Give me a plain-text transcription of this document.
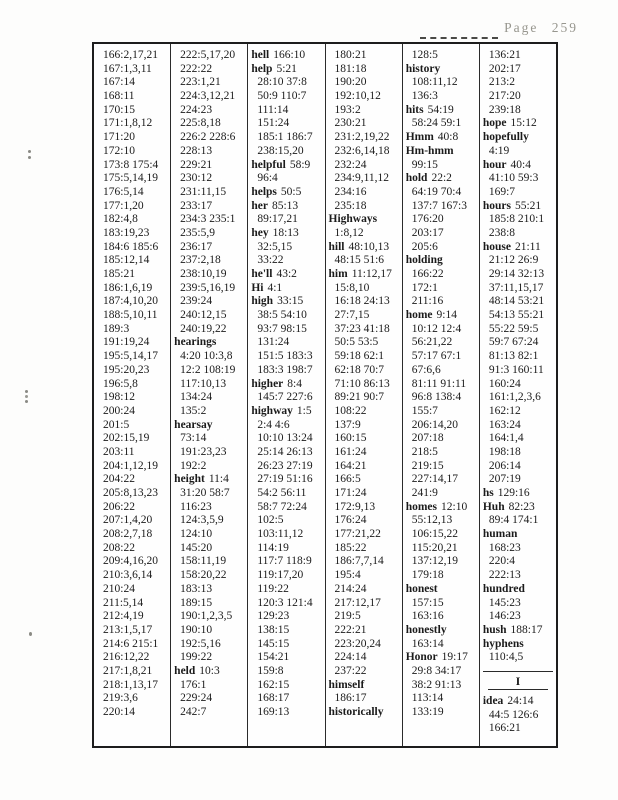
Page 259
166:2,17,21
167:1,3,11
167:14
168:11
170:15
171:1,8,12
171:20
172:10
173:8 175:4
175:5,14,19
176:5,14
177:1,20
182:4,8
183:19,23
184:6 185:6
185:12,14
185:21
186:1,6,19
187:4,10,20
188:5,10,11
189:3
191:19,24
195:5,14,17
195:20,23
196:5,8
198:12
200:24
201:5
202:15,19
203:11
204:1,12,19
204:22
205:8,13,23
206:22
207:1,4,20
208:2,7,18
208:22
209:4,16,20
210:3,6,14
210:24
211:5,14
212:4,19
213:1,5,17
214:6 215:1
216:12,22
217:1,8,21
218:1,13,17
219:3,6
220:14
222:5,17,20
222:22
223:1,21
224:3,12,21
224:23
225:8,18
226:2 228:6
228:13
229:21
230:12
231:11,15
233:17
234:3 235:1
235:5,9
236:17
237:2,18
238:10,19
239:5,16,19
239:24
240:12,15
240:19,22
hearings
4:20 10:3,8
12:2 108:19
117:10,13
134:24
135:2
hearsay
73:14
191:23,23
192:2
height 11:4
31:20 58:7
116:23
124:3,5,9
124:10
145:20
158:11,19
158:20,22
183:13
189:15
190:1,2,3,5
190:10
192:5,16
199:22
held 10:3
176:1
229:24
242:7
hell 166:10
help 5:21
28:10 37:8
50:9 110:7
111:14
151:24
185:1 186:7
238:15,20
helpful 58:9
96:4
helps 50:5
her 85:13
89:17,21
hey 18:13
32:5,15
33:22
he'll 43:2
Hi 4:1
high 33:15
38:5 54:10
93:7 98:15
131:24
151:5 183:3
183:3 198:7
higher 8:4
145:7 227:6
highway 1:5
2:4 4:6
10:10 13:24
25:14 26:13
26:23 27:19
27:19 51:16
54:2 56:11
58:7 72:24
102:5
103:11,12
114:19
117:7 118:9
119:17,20
119:22
120:3 121:4
129:23
138:15
145:15
154:21
159:8
162:15
168:17
169:13
180:21
181:18
190:20
192:10,12
193:2
230:21
231:2,19,22
232:6,14,18
232:24
234:9,11,12
234:16
235:18
Highways
1:8,12
hill 48:10,13
48:15 51:6
him 11:12,17
15:8,10
16:18 24:13
27:7,15
37:23 41:18
50:5 53:5
59:18 62:1
62:18 70:7
71:10 86:13
89:21 90:7
108:22
137:9
160:15
161:24
164:21
166:5
171:24
172:9,13
176:24
177:21,22
185:22
186:7,7,14
195:4
214:24
217:12,17
219:5
222:21
223:20,24
224:14
237:22
himself
186:17
historically
128:5
history
108:11,12
136:3
hits 54:19
58:24 59:1
Hmm 40:8
Hm-hmm
99:15
hold 22:2
64:19 70:4
137:7 167:3
176:20
203:17
205:6
holding
166:22
172:1
211:16
home 9:14
10:12 12:4
56:21,22
57:17 67:1
67:6,6
81:11 91:11
96:8 138:4
155:7
206:14,20
207:18
218:5
219:15
227:14,17
241:9
homes 12:10
55:12,13
106:15,22
115:20,21
137:12,19
179:18
honest
157:15
163:16
honestly
163:14
Honor 19:17
29:8 34:17
38:2 91:13
113:14
133:19
136:21
202:17
213:2
217:20
239:18
hope 15:12
hopefully
4:19
hour 40:4
41:10 59:3
169:7
hours 55:21
185:8 210:1
238:8
house 21:11
21:12 26:9
29:14 32:13
37:11,15,17
48:14 53:21
54:13 55:21
55:22 59:5
59:7 67:24
81:13 82:1
91:3 160:11
160:24
161:1,2,3,6
162:12
163:24
164:1,4
198:18
206:14
207:19
hs 129:16
Huh 82:23
89:4 174:1
human
168:23
220:4
222:13
hundred
145:23
146:23
hush 188:17
hyphens
110:4,5
I
idea 24:14
44:5 126:6
166:21
